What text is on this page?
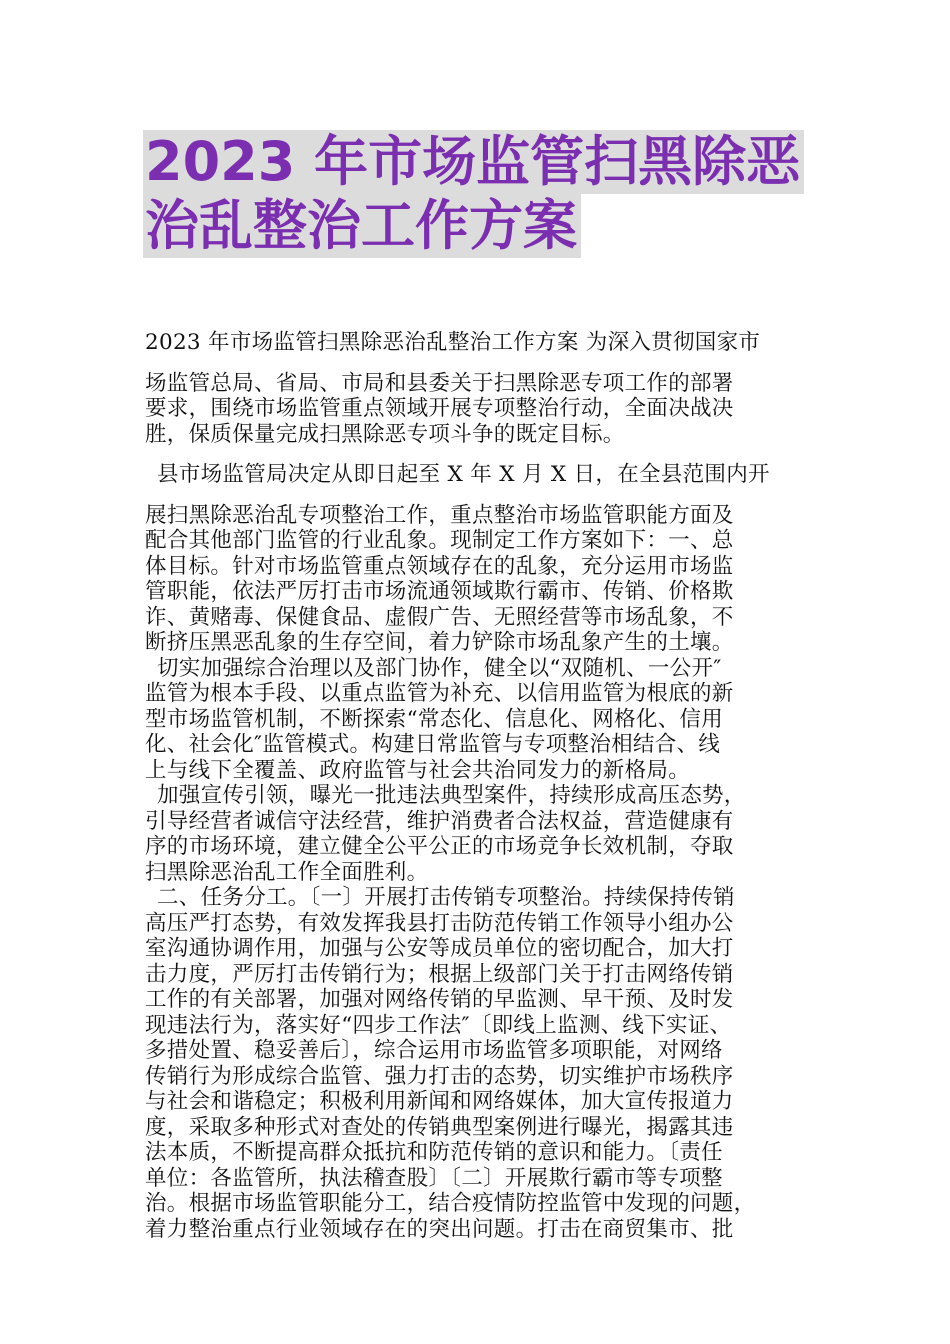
2023 年市场监管扫黑除恶
治乱整治工作方案
2023 年市场监管扫黑除恶治乱整治工作方案 为深入贯彻国家市
场监管总局、省局、市局和县委关于扫黑除恶专项工作的部署
要求，围绕市场监管重点领域开展专项整治行动，全面决战决
胜，保质保量完成扫黑除恶专项斗争的既定目标。
县市场监管局决定从即日起至 X 年 X 月 X 日，在全县范围内开
展扫黑除恶治乱专项整治工作，重点整治市场监管职能方面及
配合其他部门监管的行业乱象。现制定工作方案如下：一、总
体目标。针对市场监管重点领域存在的乱象，充分运用市场监
管职能，依法严厉打击市场流通领域欺行霸市、传销、价格欺
诈、黄赌毒、保健食品、虚假广告、无照经营等市场乱象，不
断挤压黑恶乱象的生存空间，着力铲除市场乱象产生的土壤。
切实加强综合治理以及部门协作，健全以“双随机、一公开″
监管为根本手段、以重点监管为补充、以信用监管为根底的新
型市场监管机制，不断探索“常态化、信息化、网格化、信用
化、社会化″监管模式。构建日常监管与专项整治相结合、线
上与线下全覆盖、政府监管与社会共治同发力的新格局。
加强宣传引领，曝光一批违法典型案件，持续形成高压态势，
引导经营者诚信守法经营，维护消费者合法权益，营造健康有
序的市场环境，建立健全公平公正的市场竞争长效机制，夺取
扫黑除恶治乱工作全面胜利。
二、任务分工。〔一〕开展打击传销专项整治。持续保持传销
高压严打态势，有效发挥我县打击防范传销工作领导小组办公
室沟通协调作用，加强与公安等成员单位的密切配合，加大打
击力度，严厉打击传销行为；根据上级部门关于打击网络传销
工作的有关部署，加强对网络传销的早监测、早干预、及时发
现违法行为，落实好“四步工作法″〔即线上监测、线下实证、
多措处置、稳妥善后〕，综合运用市场监管多项职能，对网络
传销行为形成综合监管、强力打击的态势，切实维护市场秩序
与社会和谐稳定；积极利用新闻和网络媒体，加大宣传报道力
度，采取多种形式对查处的传销典型案例进行曝光，揭露其违
法本质，不断提高群众抵抗和防范传销的意识和能力。〔责任
单位：各监管所，执法稽查股〕〔二〕开展欺行霸市等专项整
治。根据市场监管职能分工，结合疫情防控监管中发现的问题，
着力整治重点行业领域存在的突出问题。打击在商贸集市、批
